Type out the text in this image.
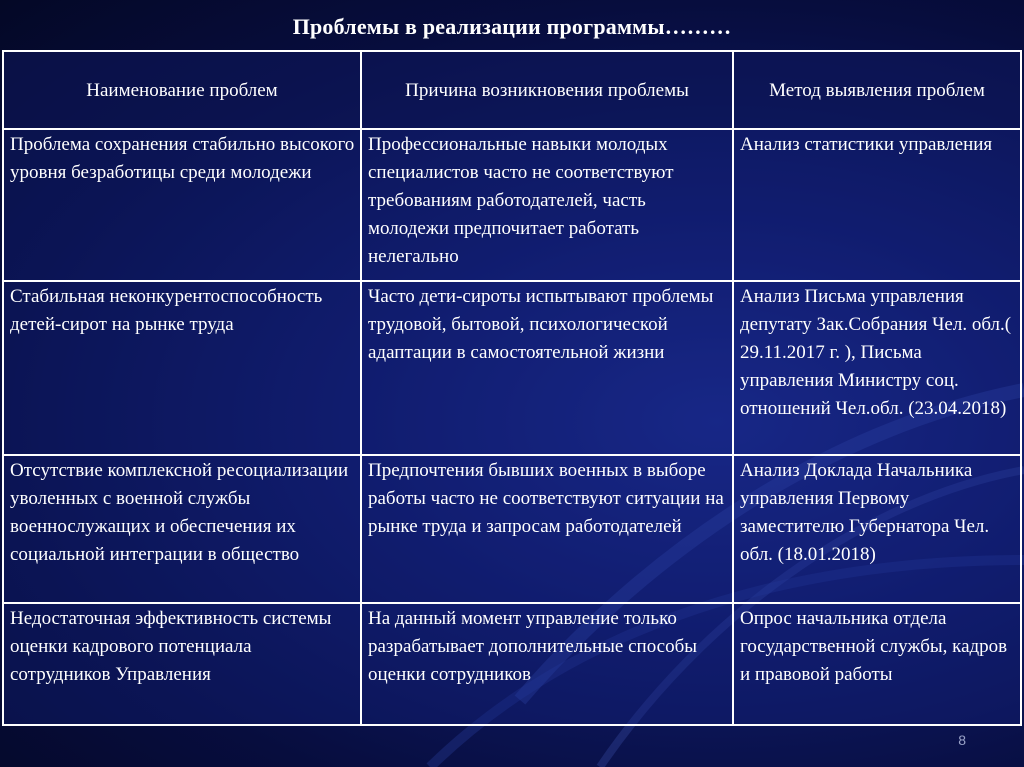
Проблемы в реализации программы………
Наименование проблем	Причина возникновения проблемы	Метод выявления проблем
Проблема сохранения стабильно высокого уровня безработицы среди молодежи	Профессиональные навыки молодых специалистов часто не соответствуют требованиям работодателей, часть молодежи предпочитает работать нелегально	Анализ статистики управления
Стабильная неконкурентоспособность детей-сирот на рынке труда	Часто дети-сироты испытывают проблемы трудовой, бытовой, психологической адаптации в самостоятельной жизни	Анализ Письма управления депутату Зак.Собрания Чел. обл.( 29.11.2017 г. ), Письма управления Министру соц. отношений Чел.обл. (23.04.2018)
Отсутствие комплексной ресоциализации уволенных с военной службы военнослужащих и обеспечения их социальной интеграции в общество	Предпочтения бывших военных в выборе работы часто не соответствуют ситуации на рынке труда и запросам работодателей	Анализ Доклада Начальника управления Первому заместителю Губернатора Чел. обл. (18.01.2018)
Недостаточная эффективность системы оценки кадрового потенциала сотрудников Управления	На данный момент управление только разрабатывает дополнительные способы оценки сотрудников	Опрос начальника отдела государственной службы, кадров и правовой работы
8
